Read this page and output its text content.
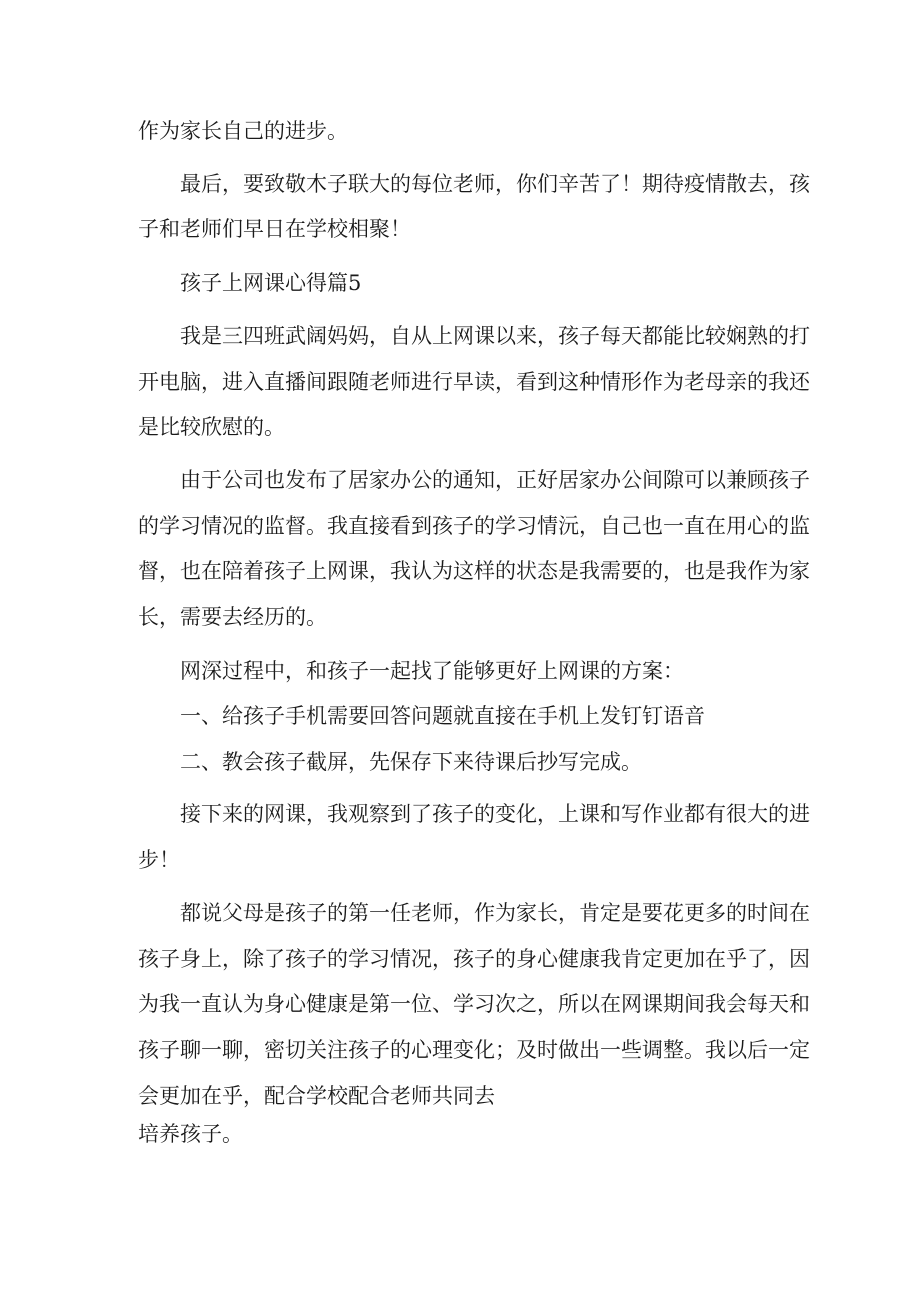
作为家长自己的进步。

最后，要致敬木子联大的每位老师，你们辛苦了！期待疫情散去，孩

子和老师们早日在学校相聚！

孩子上网课心得篇5

我是三四班武阔妈妈，自从上网课以来，孩子每天都能比较娴熟的打

开电脑，进入直播间跟随老师进行早读，看到这种情形作为老母亲的我还

是比较欣慰的。

由于公司也发布了居家办公的通知，正好居家办公间隙可以兼顾孩子

的学习情况的监督。我直接看到孩子的学习情沅，自己也一直在用心的监

督，也在陪着孩子上网课，我认为这样的状态是我需要的，也是我作为家

长，需要去经历的。

网深过程中，和孩子一起找了能够更好上网课的方案：

一、给孩子手机需要回答问题就直接在手机上发钉钉语音

二、教会孩子截屏，先保存下来待课后抄写完成。

接下来的网课，我观察到了孩子的变化，上课和写作业都有很大的进

步！

都说父母是孩子的第一任老师，作为家长，肯定是要花更多的时间在

孩子身上，除了孩子的学习情况，孩子的身心健康我肯定更加在乎了，因

为我一直认为身心健康是第一位、学习次之，所以在网课期间我会每天和

孩子聊一聊，密切关注孩子的心理变化；及时做出一些调整。我以后一定

会更加在乎，配合学校配合老师共同去

培养孩子。
